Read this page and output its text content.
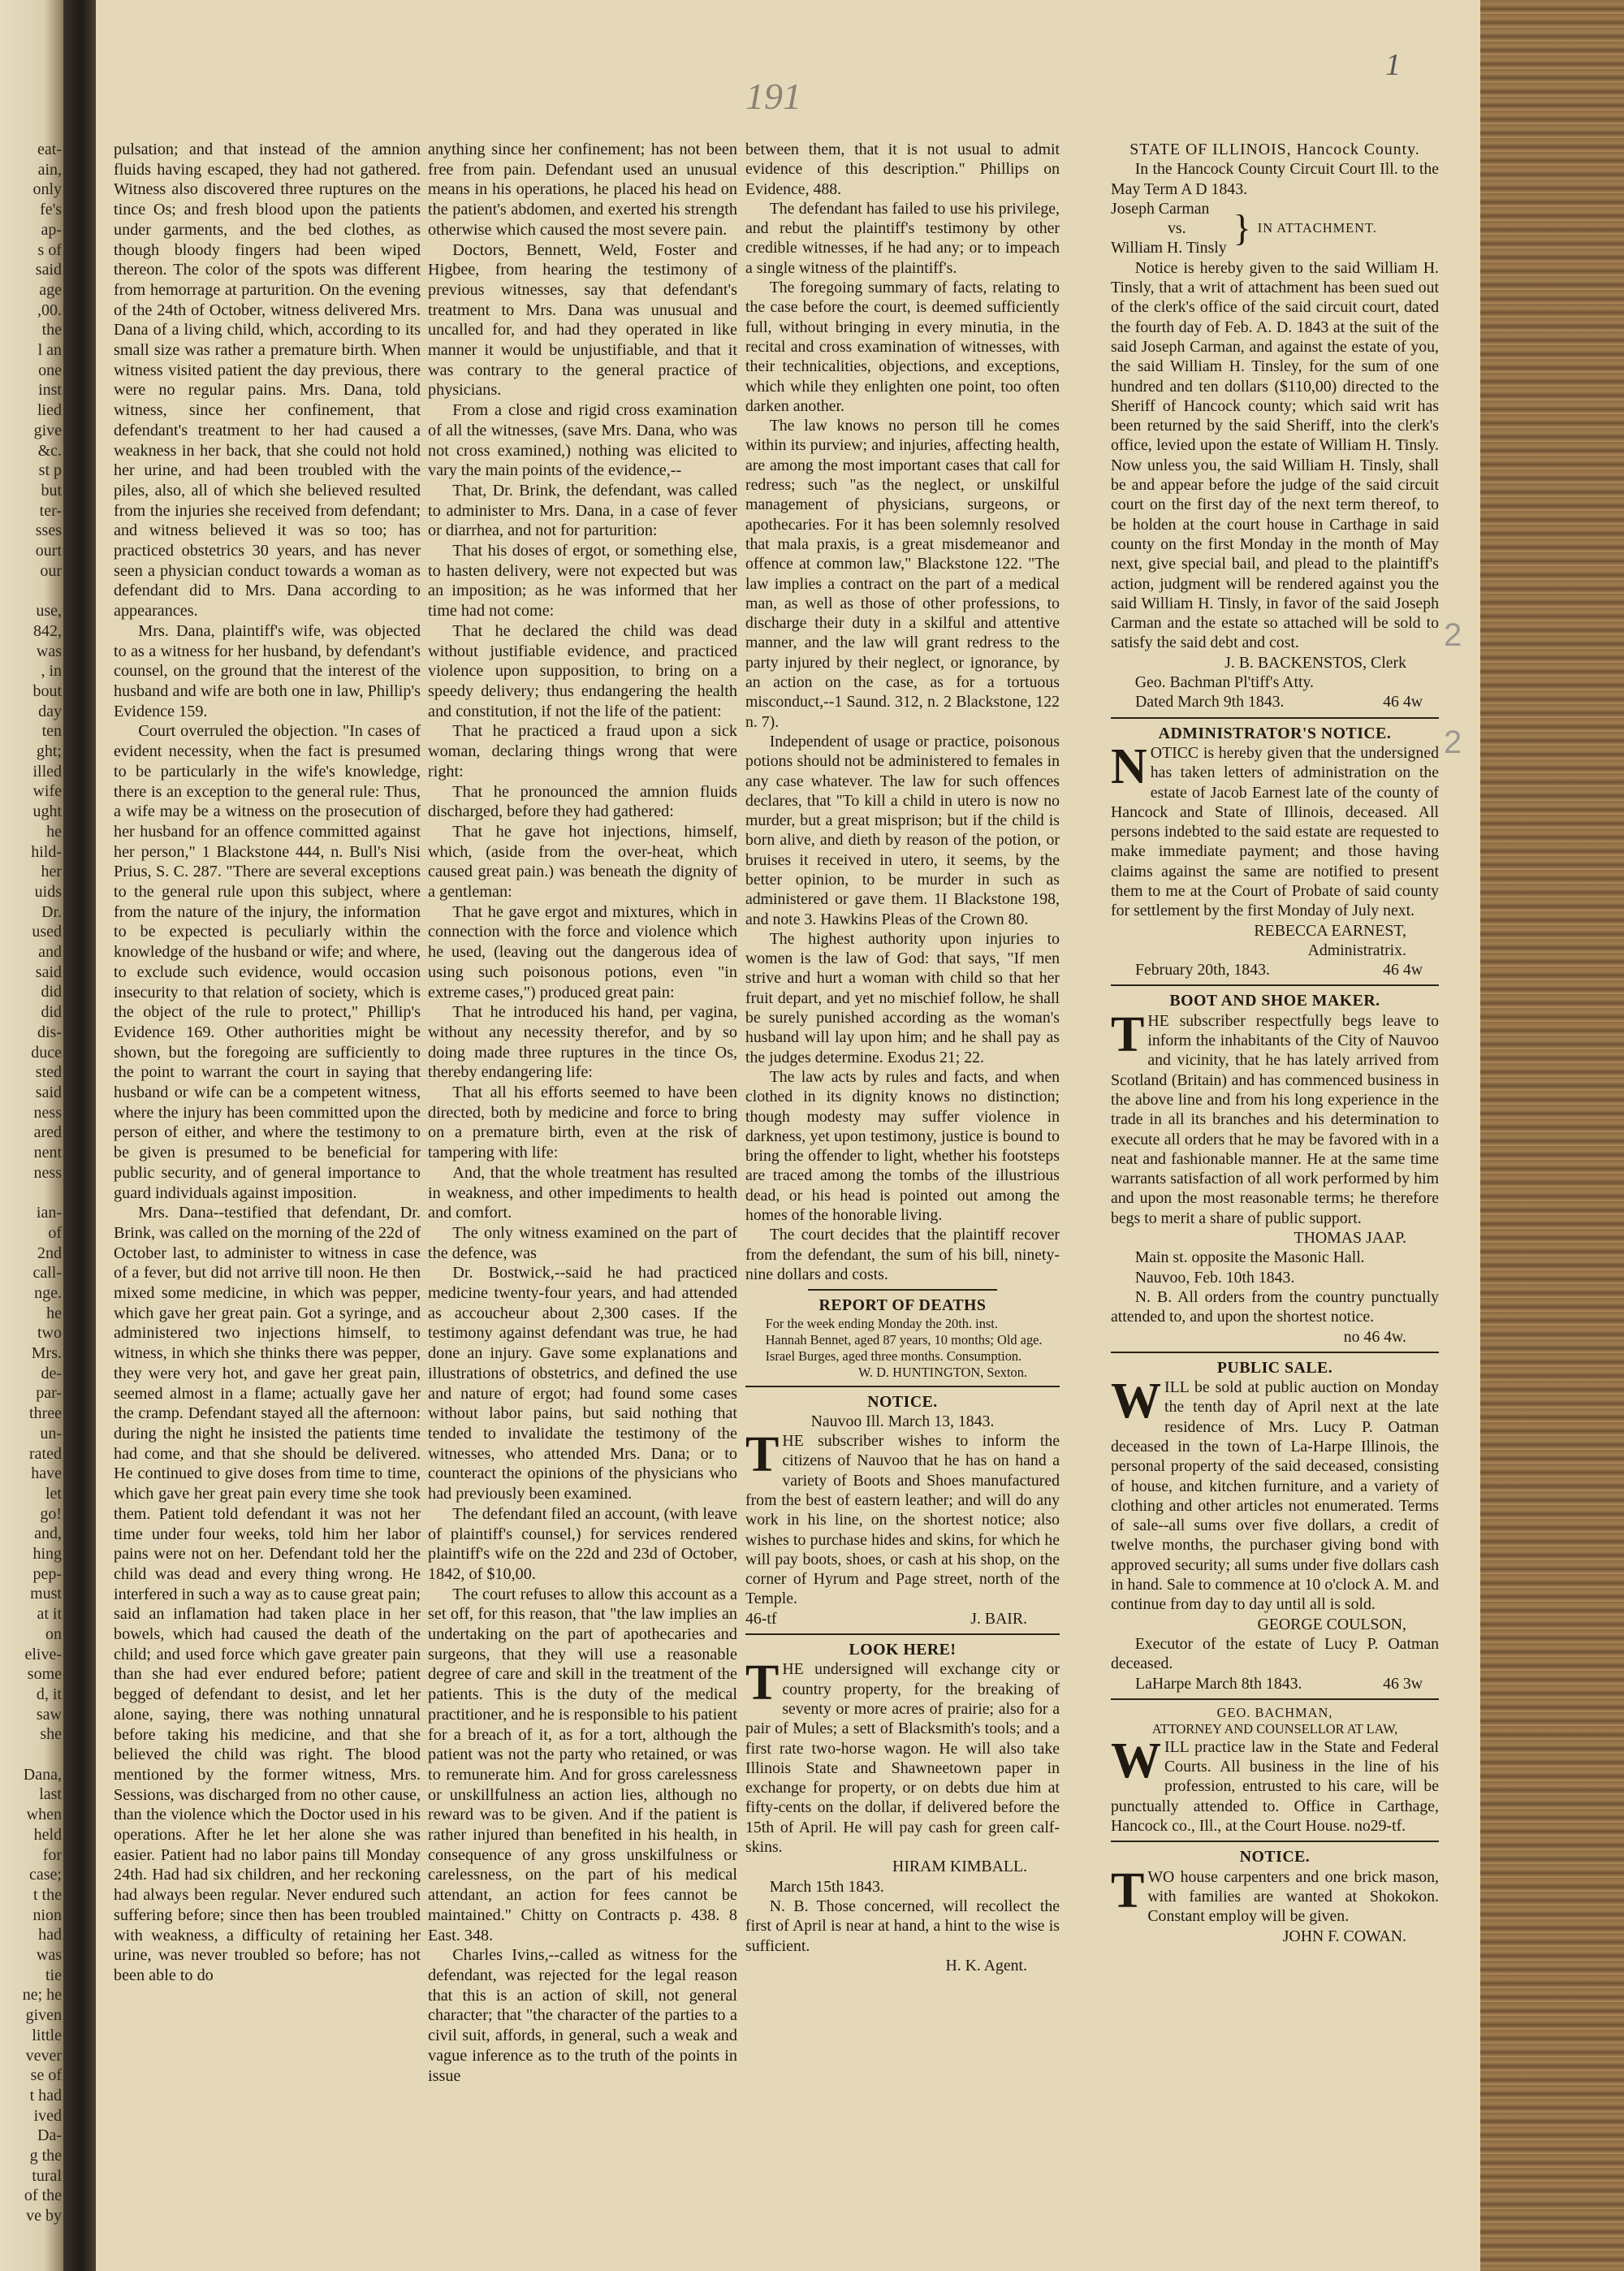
eat-
ain,
only
fe's
ap-
s of
said
age
,00.
the
l an
one
inst
lied
give
&c.
st p
but
ter-
sses
ourt
our
use,
842,
was
, in
bout
day
ten
ght;
illed
wife
ught
he
hild-
her
uids
Dr.
used
and
said
did
did
dis-
duce
sted
said
ness
ared
nent
ness
ian-
of
2nd
call-
nge.
he
two
Mrs.
de-
par-
three
un-
rated
have
let
go!
and,
hing
pep-
must
at it
on
elive-
some
d, it
saw
she
Dana,
last
when
held
for
case;
t the
nion
had
was
tie
ne; he
given
little
vever
se of
t had
ived
Da-
g the
tural
of the
ve by
191
1
2
2

pulsation; and that instead of the amnion fluids having escaped, they had not gathered. Witness also discovered three ruptures on the tince Os; and fresh blood upon the patients under garments, and the bed clothes, as though bloody fingers had been wiped thereon. The color of the spots was different from hemorrage at parturition. On the evening of the 24th of October, witness delivered Mrs. Dana of a living child, which, according to its small size was rather a premature birth. When witness visited patient the day previous, there were no regular pains. Mrs. Dana, told witness, since her confinement, that defendant's treatment to her had caused a weakness in her back, that she could not hold her urine, and had been troubled with the piles, also, all of which she believed resulted from the injuries she received from defendant; and witness believed it was so too; has practiced obstetrics 30 years, and has never seen a physician conduct towards a woman as defendant did to Mrs. Dana according to appearances.

Mrs. Dana, plaintiff's wife, was objected to as a witness for her husband, by defendant's counsel, on the ground that the interest of the husband and wife are both one in law, Phillip's Evidence 159.

Court overruled the objection. "In cases of evident necessity, when the fact is presumed to be particularly in the wife's knowledge, there is an exception to the general rule: Thus, a wife may be a witness on the prosecution of her husband for an offence committed against her person," 1 Blackstone 444, n. Bull's Nisi Prius, S. C. 287. "There are several exceptions to the general rule upon this subject, where from the nature of the injury, the information to be expected is peculiarly within the knowledge of the husband or wife; and where, to exclude such evidence, would occasion insecurity to that relation of society, which is the object of the rule to protect," Phillip's Evidence 169. Other authorities might be shown, but the foregoing are sufficiently to the point to warrant the court in saying that husband or wife can be a competent witness, where the injury has been committed upon the person of either, and where the testimony to be given is presumed to be beneficial for public security, and of general importance to guard individuals against imposition.

Mrs. Dana--testified that defendant, Dr. Brink, was called on the morning of the 22d of October last, to administer to witness in case of a fever, but did not arrive till noon. He then mixed some medicine, in which was pepper, which gave her great pain. Got a syringe, and administered two injections himself, to witness, in which she thinks there was pepper, they were very hot, and gave her great pain, seemed almost in a flame; actually gave her the cramp. Defendant stayed all the afternoon: during the night he insisted the patients time had come, and that she should be delivered. He continued to give doses from time to time, which gave her great pain every time she took them. Patient told defendant it was not her time under four weeks, told him her labor pains were not on her. Defendant told her the child was dead and every thing wrong. He interfered in such a way as to cause great pain; said an inflamation had taken place in her bowels, which had caused the death of the child; and used force which gave greater pain than she had ever endured before; patient begged of defendant to desist, and let her alone, saying, there was nothing unnatural before taking his medicine, and that she believed the child was right. The blood mentioned by the former witness, Mrs. Sessions, was discharged from no other cause, than the violence which the Doctor used in his operations. After he let her alone she was easier. Patient had no labor pains till Monday 24th. Had had six children, and her reckoning had always been regular. Never endured such suffering before; since then has been troubled with weakness, a difficulty of retaining her urine, was never troubled so before; has not been able to do

anything since her confinement; has not been free from pain. Defendant used an unusual means in his operations, he placed his head on the patient's abdomen, and exerted his strength otherwise which caused the most severe pain.

Doctors, Bennett, Weld, Foster and Higbee, from hearing the testimony of previous witnesses, say that defendant's treatment to Mrs. Dana was unusual and uncalled for, and had they operated in like manner it would be unjustifiable, and that it was contrary to the general practice of physicians.

From a close and rigid cross examination of all the witnesses, (save Mrs. Dana, who was not cross examined,) nothing was elicited to vary the main points of the evidence,--

That, Dr. Brink, the defendant, was called to administer to Mrs. Dana, in a case of fever or diarrhea, and not for parturition:

That his doses of ergot, or something else, to hasten delivery, were not expected but was an imposition; as he was informed that her time had not come:

That he declared the child was dead without justifiable evidence, and practiced violence upon supposition, to bring on a speedy delivery; thus endangering the health and constitution, if not the life of the patient:

That he practiced a fraud upon a sick woman, declaring things wrong that were right:

That he pronounced the amnion fluids discharged, before they had gathered:

That he gave hot injections, himself, which, (aside from the over-heat, which caused great pain.) was beneath the dignity of a gentleman:

That he gave ergot and mixtures, which in connection with the force and violence which he used, (leaving out the dangerous idea of using such poisonous potions, even "in extreme cases,") produced great pain:

That he introduced his hand, per vagina, without any necessity therefor, and by so doing made three ruptures in the tince Os, thereby endangering life:

That all his efforts seemed to have been directed, both by medicine and force to bring on a premature birth, even at the risk of tampering with life:

And, that the whole treatment has resulted in weakness, and other impediments to health and comfort.

The only witness examined on the part of the defence, was

Dr. Bostwick,--said he had practiced medicine twenty-four years, and had attended as accoucheur about 2,300 cases. If the testimony against defendant was true, he had done an injury. Gave some explanations and illustrations of obstetrics, and defined the use and nature of ergot; had found some cases without labor pains, but said nothing that tended to invalidate the testimony of the witnesses, who attended Mrs. Dana; or to counteract the opinions of the physicians who had previously been examined.

The defendant filed an account, (with leave of plaintiff's counsel,) for services rendered plaintiff's wife on the 22d and 23d of October, 1842, of $10,00.

The court refuses to allow this account as a set off, for this reason, that "the law implies an undertaking on the part of apothecaries and surgeons, that they will use a reasonable degree of care and skill in the treatment of the patients. This is the duty of the medical practitioner, and he is responsible to his patient for a breach of it, as for a tort, although the patient was not the party who retained, or was to remunerate him. And for gross carelessness or unskillfulness an action lies, although no reward was to be given. And if the patient is rather injured than benefited in his health, in consequence of any gross unskilfulness or carelessness, on the part of his medical attendant, an action for fees cannot be maintained." Chitty on Contracts p. 438. 8 East. 348.

Charles Ivins,--called as witness for the defendant, was rejected for the legal reason that this is an action of skill, not general character; that "the character of the parties to a civil suit, affords, in general, such a weak and vague inference as to the truth of the points in issue

between them, that it is not usual to admit evidence of this description." Phillips on Evidence, 488.

The defendant has failed to use his privilege, and rebut the plaintiff's testimony by other credible witnesses, if he had any; or to impeach a single witness of the plaintiff's.

The foregoing summary of facts, relating to the case before the court, is deemed sufficiently full, without bringing in every minutia, in the recital and cross examination of witnesses, with their technicalities, objections, and exceptions, which while they enlighten one point, too often darken another.

The law knows no person till he comes within its purview; and injuries, affecting health, are among the most important cases that call for redress; such "as the neglect, or unskilful management of physicians, surgeons, or apothecaries. For it has been solemnly resolved that mala praxis, is a great misdemeanor and offence at common law," Blackstone 122. "The law implies a contract on the part of a medical man, as well as those of other professions, to discharge their duty in a skilful and attentive manner, and the law will grant redress to the party injured by their neglect, or ignorance, by an action on the case, as for a tortuous misconduct,--1 Saund. 312, n. 2 Blackstone, 122 n. 7).

Independent of usage or practice, poisonous potions should not be administered to females in any case whatever. The law for such offences declares, that "To kill a child in utero is now no murder, but a great misprison; but if the child is born alive, and dieth by reason of the potion, or bruises it received in utero, it seems, by the better opinion, to be murder in such as administered or gave them. 1I Blackstone 198, and note 3. Hawkins Pleas of the Crown 80.

The highest authority upon injuries to women is the law of God: that says, "If men strive and hurt a woman with child so that her fruit depart, and yet no mischief follow, he shall be surely punished according as the woman's husband will lay upon him; and he shall pay as the judges determine. Exodus 21; 22.

The law acts by rules and facts, and when clothed in its dignity knows no distinction; though modesty may suffer violence in darkness, yet upon testimony, justice is bound to bring the offender to light, whether his footsteps are traced among the tombs of the illustrious dead, or his head is pointed out among the homes of the honorable living.

The court decides that the plaintiff recover from the defendant, the sum of his bill, ninety-nine dollars and costs.

REPORT OF DEATHS

For the week ending Monday the 20th. inst.

Hannah Bennet, aged 87 years, 10 months; Old age.

Israel Burges, aged three months. Consumption.

W. D. HUNTINGTON, Sexton.

NOTICE.

Nauvoo Ill. March 13, 1843.

THE subscriber wishes to inform the citizens of Nauvoo that he has on hand a variety of Boots and Shoes manufactured from the best of eastern leather; and will do any work in his line, on the shortest notice; also wishes to purchase hides and skins, for which he will pay boots, shoes, or cash at his shop, on the corner of Hyrum and Page street, north of the Temple.

46-tf	J. BAIR.

LOOK HERE!

THE undersigned will exchange city or country property, for the breaking of seventy or more acres of prairie; also for a pair of Mules; a sett of Blacksmith's tools; and a first rate two-horse wagon. He will also take Illinois State and Shawneetown paper in exchange for property, or on debts due him at fifty-cents on the dollar, if delivered before the 15th of April. He will pay cash for green calf-skins.

HIRAM KIMBALL.

March 15th 1843.

N. B. Those concerned, will recollect the first of April is near at hand, a hint to the wise is sufficient.

H. K. Agent.

STATE OF ILLINOIS, Hancock County.

In the Hancock County Circuit Court Ill. to the May Term A D 1843.

Joseph Carman
vs.
William H. Tinsly } IN ATTACHMENT.

Notice is hereby given to the said William H. Tinsly, that a writ of attachment has been sued out of the clerk's office of the said circuit court, dated the fourth day of Feb. A. D. 1843 at the suit of the said Joseph Carman, and against the estate of you, the said William H. Tinsley, for the sum of one hundred and ten dollars ($110,00) directed to the Sheriff of Hancock county; which said writ has been returned by the said Sheriff, into the clerk's office, levied upon the estate of William H. Tinsly. Now unless you, the said William H. Tinsly, shall be and appear before the judge of the said circuit court on the first day of the next term thereof, to be holden at the court house in Carthage in said county on the first Monday in the month of May next, give special bail, and plead to the plaintiff's action, judgment will be rendered against you the said William H. Tinsly, in favor of the said Joseph Carman and the estate so attached will be sold to satisfy the said debt and cost.

J. B. BACKENSTOS, Clerk

Geo. Bachman Pl'tiff's Atty.

Dated March 9th 1843.	46 4w

ADMINISTRATOR'S NOTICE.

NOTICC is hereby given that the undersigned has taken letters of administration on the estate of Jacob Earnest late of the county of Hancock and State of Illinois, deceased. All persons indebted to the said estate are requested to make immediate payment; and those having claims against the same are notified to present them to me at the Court of Probate of said county for settlement by the first Monday of July next.

REBECCA EARNEST,

Administratrix.

February 20th, 1843.	46 4w

BOOT AND SHOE MAKER.

THE subscriber respectfully begs leave to inform the inhabitants of the City of Nauvoo and vicinity, that he has lately arrived from Scotland (Britain) and has commenced business in the above line and from his long experience in the trade in all its branches and his determination to execute all orders that he may be favored with in a neat and fashionable manner. He at the same time warrants satisfaction of all work performed by him and upon the most reasonable terms; he therefore begs to merit a share of public support.

THOMAS JAAP.

Main st. opposite the Masonic Hall.

Nauvoo, Feb. 10th 1843.

N. B. All orders from the country punctually attended to, and upon the shortest notice.

no 46 4w.

PUBLIC SALE.

WILL be sold at public auction on Monday the tenth day of April next at the late residence of Mrs. Lucy P. Oatman deceased in the town of La-Harpe Illinois, the personal property of the said deceased, consisting of house, and kitchen furniture, and a variety of clothing and other articles not enumerated. Terms of sale--all sums over five dollars, a credit of twelve months, the purchaser giving bond with approved security; all sums under five dollars cash in hand. Sale to commence at 10 o'clock A. M. and continue from day to day until all is sold.

GEORGE COULSON,

Executor of the estate of Lucy P. Oatman deceased.

LaHarpe March 8th 1843.	46 3w

GEO. BACHMAN,

ATTORNEY AND COUNSELLOR AT LAW,

WILL practice law in the State and Federal Courts. All business in the line of his profession, entrusted to his care, will be punctually attended to. Office in Carthage, Hancock co., Ill., at the Court House. no29-tf.

NOTICE.

TWO house carpenters and one brick mason, with families are wanted at Shokokon. Constant employ will be given.

JOHN F. COWAN.
